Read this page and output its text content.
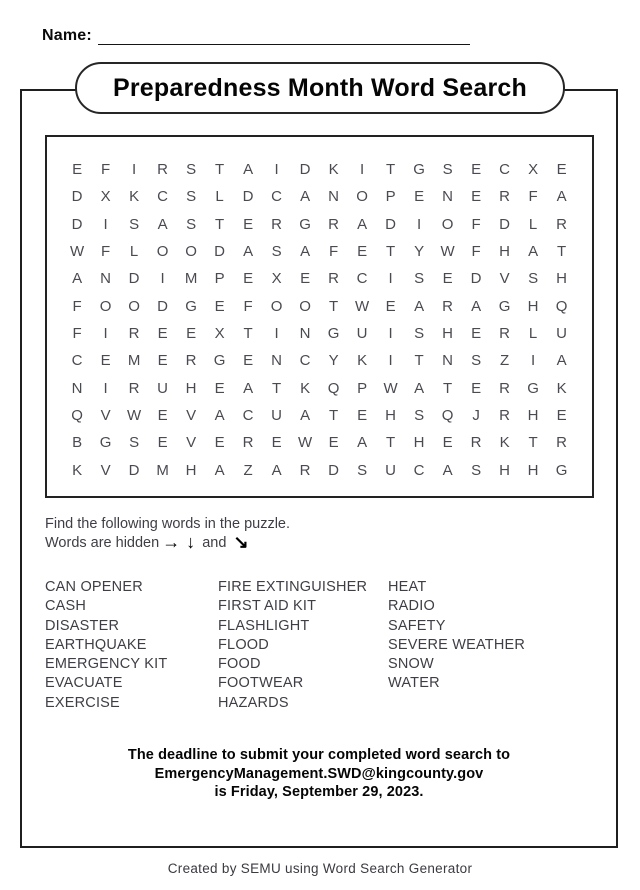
Name:
Preparedness Month Word Search
E	F	I	R	S	T	A	I	D	K	I	T	G	S	E	C	X	E
D	X	K	C	S	L	D	C	A	N	O	P	E	N	E	R	F	A
D	I	S	A	S	T	E	R	G	R	A	D	I	O	F	D	L	R
W	F	L	O	O	D	A	S	A	F	E	T	Y	W	F	H	A	T
A	N	D	I	M	P	E	X	E	R	C	I	S	E	D	V	S	H
F	O	O	D	G	E	F	O	O	T	W	E	A	R	A	G	H	Q
F	I	R	E	E	X	T	I	N	G	U	I	S	H	E	R	L	U
C	E	M	E	R	G	E	N	C	Y	K	I	T	N	S	Z	I	A
N	I	R	U	H	E	A	T	K	Q	P	W	A	T	E	R	G	K
Q	V	W	E	V	A	C	U	A	T	E	H	S	Q	J	R	H	E
B	G	S	E	V	E	R	E	W	E	A	T	H	E	R	K	T	R
K	V	D	M	H	A	Z	A	R	D	S	U	C	A	S	H	H	G
Find the following words in the puzzle.
Words are hidden → ↓ and ↘
CAN OPENER
CASH
DISASTER
EARTHQUAKE
EMERGENCY KIT
EVACUATE
EXERCISE
FIRE EXTINGUISHER
FIRST AID KIT
FLASHLIGHT
FLOOD
FOOD
FOOTWEAR
HAZARDS
HEAT
RADIO
SAFETY
SEVERE WEATHER
SNOW
WATER
The deadline to submit your completed word search to
EmergencyManagement.SWD@kingcounty.gov
is Friday, September 29, 2023.
Created by SEMU using Word Search Generator
